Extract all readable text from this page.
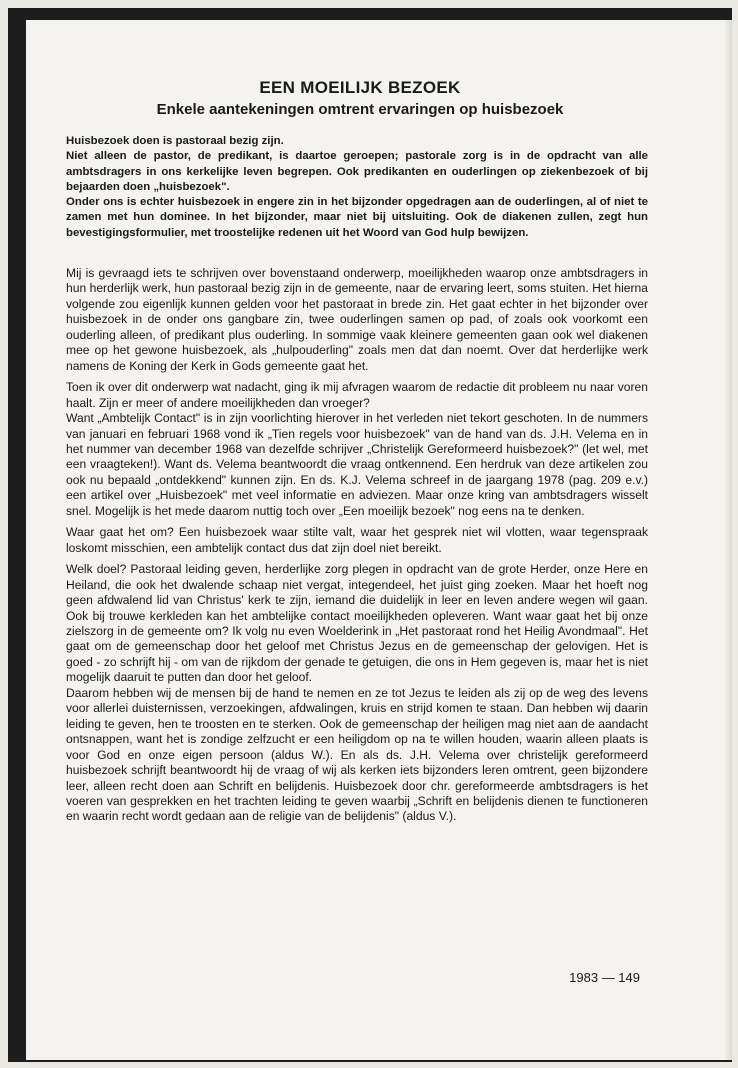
EEN MOEILIJK BEZOEK
Enkele aantekeningen omtrent ervaringen op huisbezoek

Huisbezoek doen is pastoraal bezig zijn.

Niet alleen de pastor, de predikant, is daartoe geroepen; pastorale zorg is in de opdracht van alle ambtsdragers in ons kerkelijke leven begrepen. Ook predikanten en ouderlingen op ziekenbezoek of bij bejaarden doen „huisbezoek".

Onder ons is echter huisbezoek in engere zin in het bijzonder opgedragen aan de ouderlingen, al of niet te zamen met hun dominee. In het bijzonder, maar niet bij uitsluiting. Ook de diakenen zullen, zegt hun bevestigingsformulier, met troostelijke redenen uit het Woord van God hulp bewijzen.

Mij is gevraagd iets te schrijven over bovenstaand onderwerp, moeilijkheden waarop onze ambtsdragers in hun herderlijk werk, hun pastoraal bezig zijn in de gemeente, naar de ervaring leert, soms stuiten. Het hierna volgende zou eigenlijk kunnen gelden voor het pastoraat in brede zin. Het gaat echter in het bijzonder over huisbezoek in de onder ons gangbare zin, twee ouderlingen samen op pad, of zoals ook voorkomt een ouderling alleen, of predikant plus ouderling. In sommige vaak kleinere gemeenten gaan ook wel diakenen mee op het gewone huisbezoek, als „hulpouderling" zoals men dat dan noemt. Over dat herderlijke werk namens de Koning der Kerk in Gods gemeente gaat het.

Toen ik over dit onderwerp wat nadacht, ging ik mij afvragen waarom de redactie dit probleem nu naar voren haalt. Zijn er meer of andere moeilijkheden dan vroeger?

Want „Ambtelijk Contact" is in zijn voorlichting hierover in het verleden niet tekort geschoten. In de nummers van januari en februari 1968 vond ik „Tien regels voor huisbezoek" van de hand van ds. J.H. Velema en in het nummer van december 1968 van dezelfde schrijver „Christelijk Gereformeerd huisbezoek?" (let wel, met een vraagteken!). Want ds. Velema beantwoordt die vraag ontkennend. Een herdruk van deze artikelen zou ook nu bepaald „ontdekkend" kunnen zijn. En ds. K.J. Velema schreef in de jaargang 1978 (pag. 209 e.v.) een artikel over „Huisbezoek" met veel informatie en adviezen. Maar onze kring van ambtsdragers wisselt snel. Mogelijk is het mede daarom nuttig toch over „Een moeilijk bezoek" nog eens na te denken.

Waar gaat het om? Een huisbezoek waar stilte valt, waar het gesprek niet wil vlotten, waar tegenspraak loskomt misschien, een ambtelijk contact dus dat zijn doel niet bereikt.

Welk doel? Pastoraal leiding geven, herderlijke zorg plegen in opdracht van de grote Herder, onze Here en Heiland, die ook het dwalende schaap niet vergat, integendeel, het juist ging zoeken. Maar het hoeft nog geen afdwalend lid van Christus' kerk te zijn, iemand die duidelijk in leer en leven andere wegen wil gaan. Ook bij trouwe kerkleden kan het ambtelijke contact moeilijkheden opleveren. Want waar gaat het bij onze zielszorg in de gemeente om? Ik volg nu even Woelderink in „Het pastoraat rond het Heilig Avondmaal". Het gaat om de gemeenschap door het geloof met Christus Jezus en de gemeenschap der gelovigen. Het is goed - zo schrijft hij - om van de rijkdom der genade te getuigen, die ons in Hem gegeven is, maar het is niet mogelijk daaruit te putten dan door het geloof.

Daarom hebben wij de mensen bij de hand te nemen en ze tot Jezus te leiden als zij op de weg des levens voor allerlei duisternissen, verzoekingen, afdwalingen, kruis en strijd komen te staan. Dan hebben wij daarin leiding te geven, hen te troosten en te sterken. Ook de gemeenschap der heiligen mag niet aan de aandacht ontsnappen, want het is zondige zelfzucht er een heiligdom op na te willen houden, waarin alleen plaats is voor God en onze eigen persoon (aldus W.). En als ds. J.H. Velema over christelijk gereformeerd huisbezoek schrijft beantwoordt hij de vraag of wij als kerken iets bijzonders leren omtrent, geen bijzondere leer, alleen recht doen aan Schrift en belijdenis. Huisbezoek door chr. gereformeerde ambtsdragers is het voeren van gesprekken en het trachten leiding te geven waarbij „Schrift en belijdenis dienen te functioneren en waarin recht wordt gedaan aan de religie van de belijdenis" (aldus V.).

1983 — 149
